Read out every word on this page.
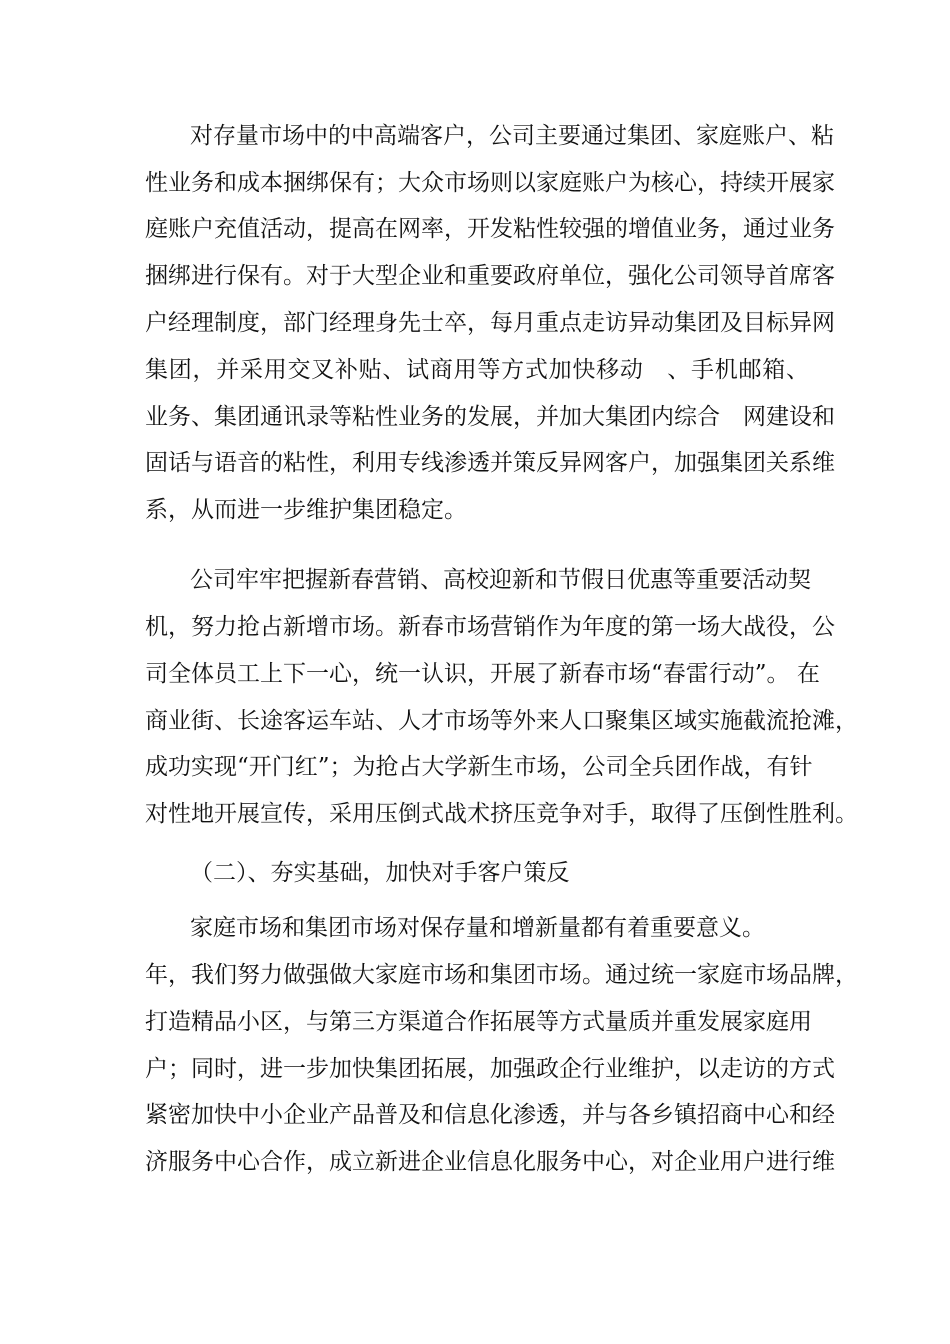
对存量市场中的中高端客户，公司主要通过集团、家庭账户、粘
性业务和成本捆绑保有；大众市场则以家庭账户为核心，持续开展家
庭账户充值活动，提高在网率，开发粘性较强的增值业务，通过业务
捆绑进行保有。对于大型企业和重要政府单位，强化公司领导首席客
户经理制度，部门经理身先士卒，每月重点走访异动集团及目标异网
集团，并采用交叉补贴、试商用等方式加快移动　、手机邮箱、
业务、集团通讯录等粘性业务的发展，并加大集团内综合　网建设和
固话与语音的粘性，利用专线渗透并策反异网客户，加强集团关系维
系，从而进一步维护集团稳定。
公司牢牢把握新春营销、高校迎新和节假日优惠等重要活动契
机，努力抢占新增市场。新春市场营销作为年度的第一场大战役，公
司全体员工上下一心，统一认识，开展了新春市场“春雷行动”。 在
商业街、长途客运车站、人才市场等外来人口聚集区域实施截流抢滩，
成功实现“开门红”；为抢占大学新生市场，公司全兵团作战，有针
对性地开展宣传，采用压倒式战术挤压竞争对手，取得了压倒性胜利。
（二）、夯实基础，加快对手客户策反
家庭市场和集团市场对保存量和增新量都有着重要意义。
年，我们努力做强做大家庭市场和集团市场。通过统一家庭市场品牌，
打造精品小区，与第三方渠道合作拓展等方式量质并重发展家庭用
户；同时，进一步加快集团拓展，加强政企行业维护，以走访的方式
紧密加快中小企业产品普及和信息化渗透，并与各乡镇招商中心和经
济服务中心合作，成立新进企业信息化服务中心，对企业用户进行维
